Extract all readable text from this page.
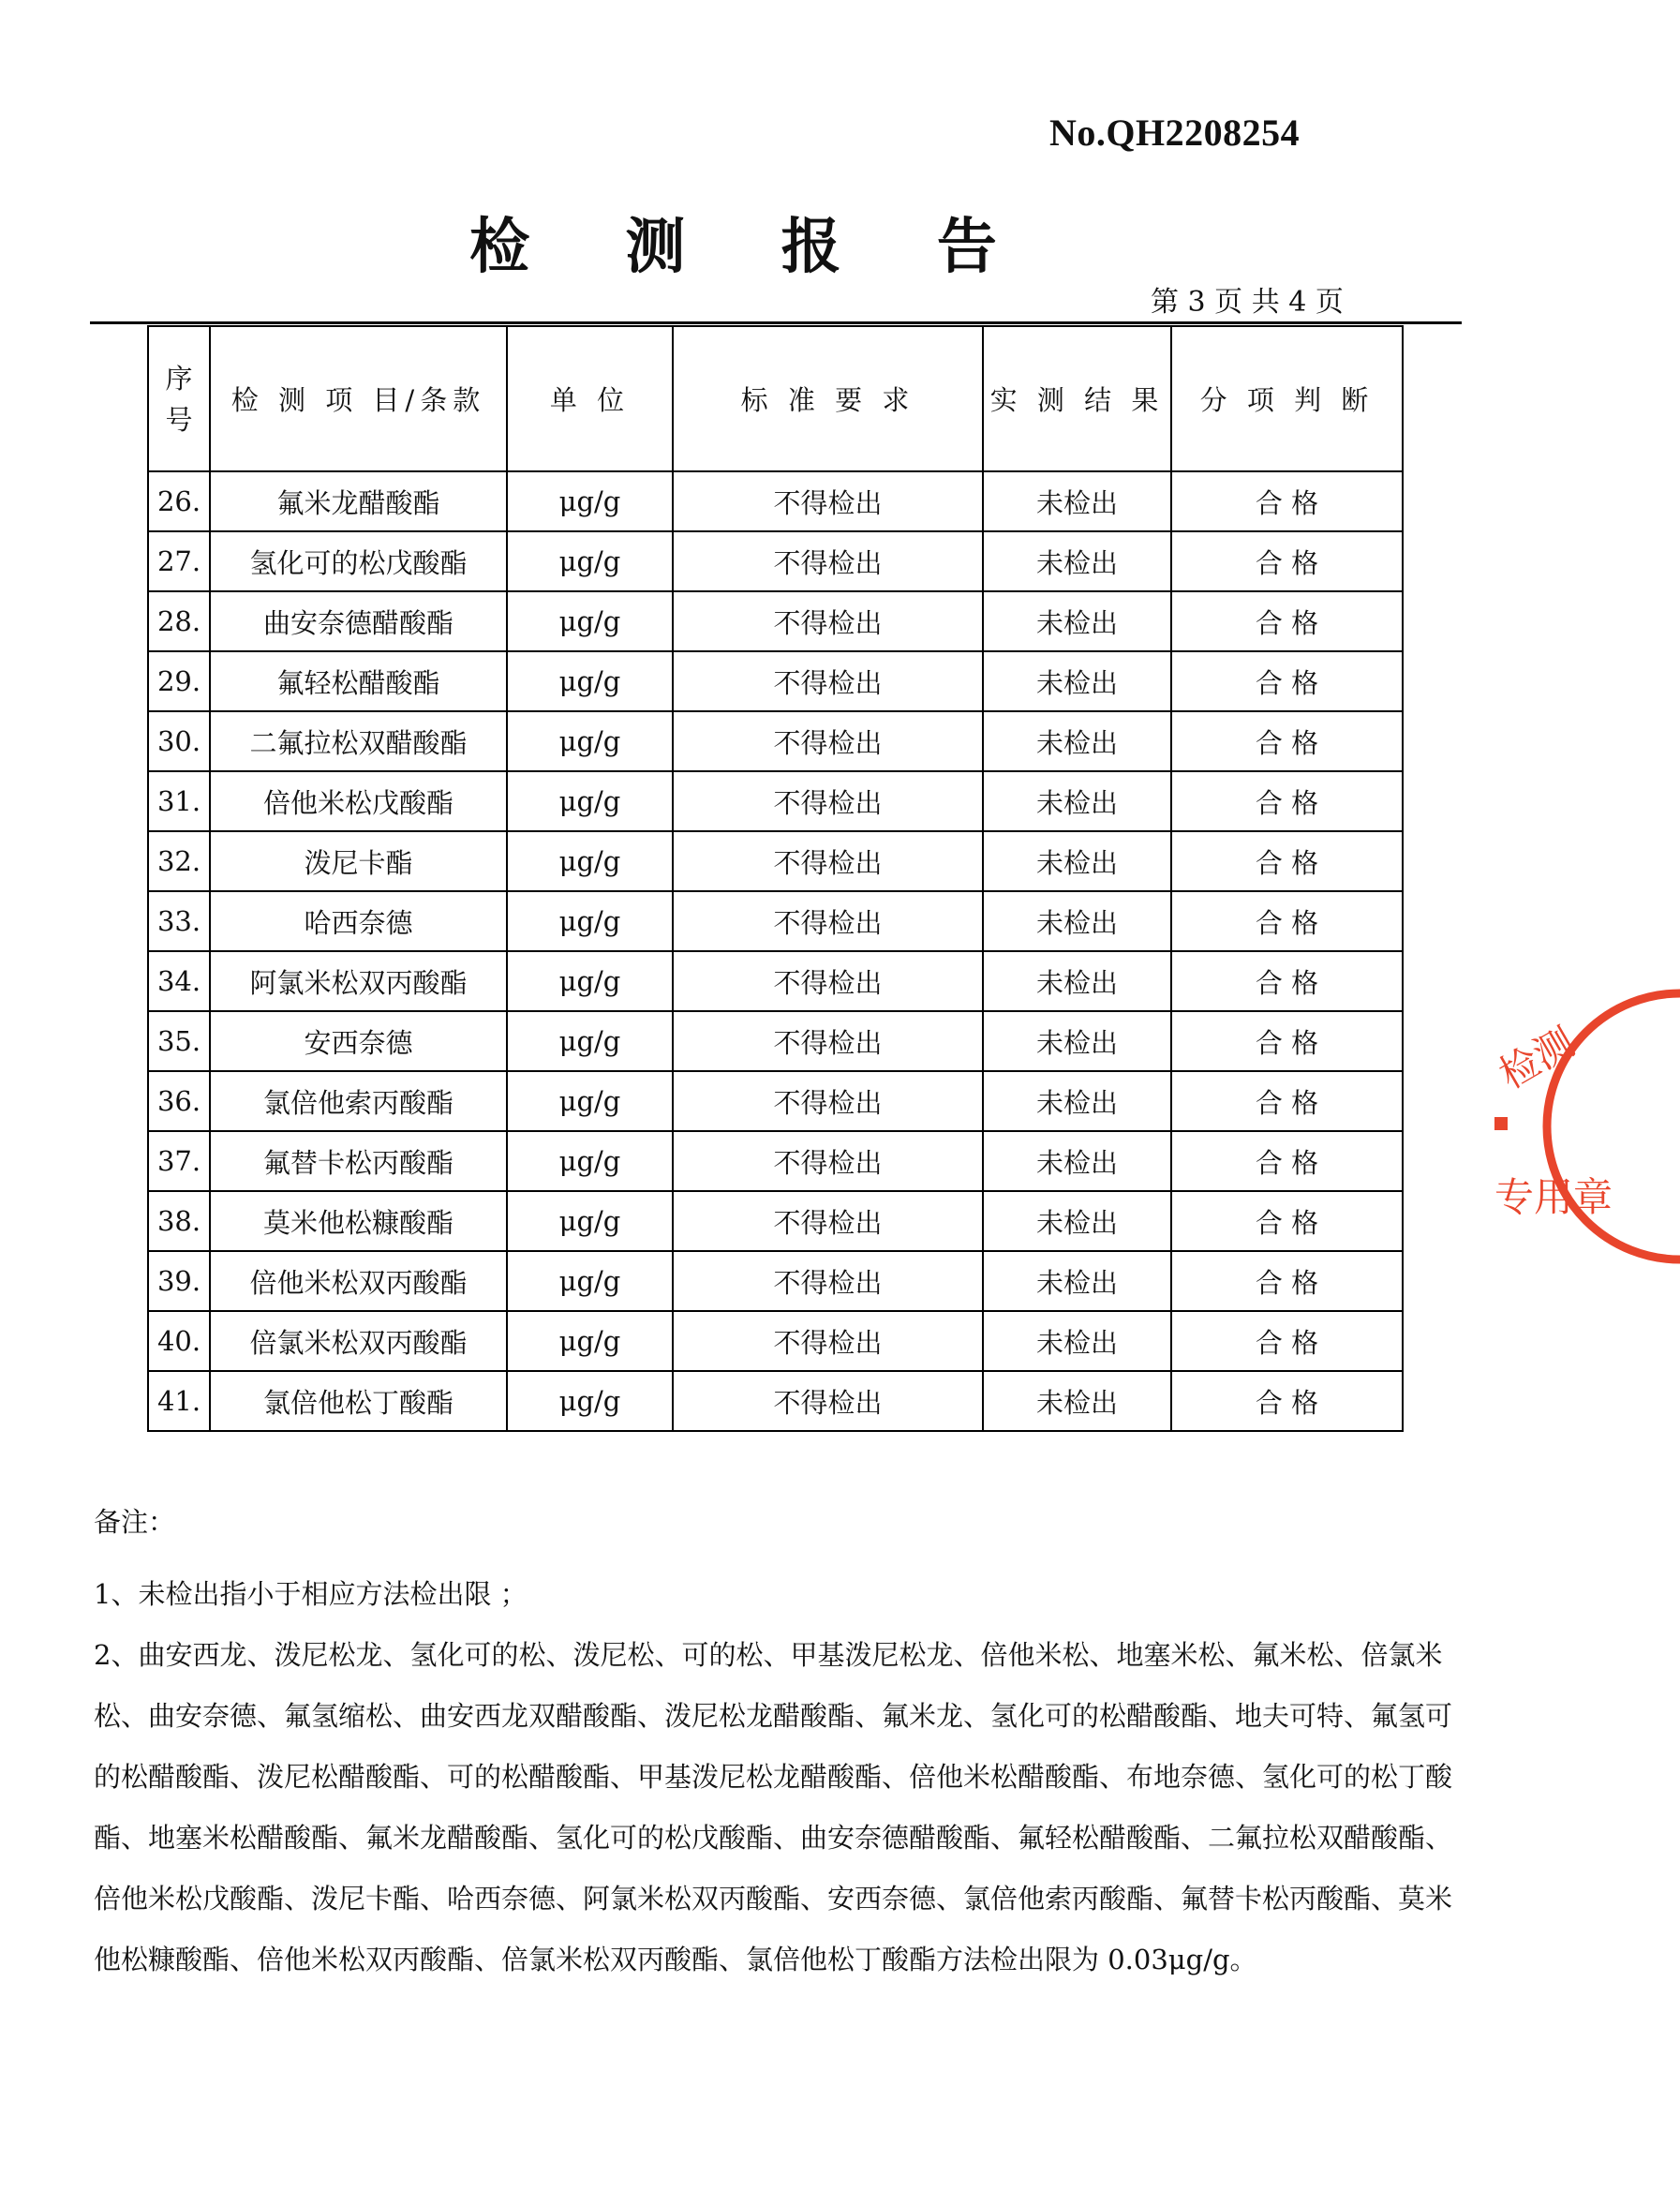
No.QH2208254
检 测 报 告
第 3 页 共 4 页
序
号	检 测 项 目/条款	单 位	标 准 要 求	实 测 结 果	分 项 判 断
26.	氟米龙醋酸酯	μg/g	不得检出	未检出	合 格
27.	氢化可的松戊酸酯	μg/g	不得检出	未检出	合 格
28.	曲安奈德醋酸酯	μg/g	不得检出	未检出	合 格
29.	氟轻松醋酸酯	μg/g	不得检出	未检出	合 格
30.	二氟拉松双醋酸酯	μg/g	不得检出	未检出	合 格
31.	倍他米松戊酸酯	μg/g	不得检出	未检出	合 格
32.	泼尼卡酯	μg/g	不得检出	未检出	合 格
33.	哈西奈德	μg/g	不得检出	未检出	合 格
34.	阿氯米松双丙酸酯	μg/g	不得检出	未检出	合 格
35.	安西奈德	μg/g	不得检出	未检出	合 格
36.	氯倍他索丙酸酯	μg/g	不得检出	未检出	合 格
37.	氟替卡松丙酸酯	μg/g	不得检出	未检出	合 格
38.	莫米他松糠酸酯	μg/g	不得检出	未检出	合 格
39.	倍他米松双丙酸酯	μg/g	不得检出	未检出	合 格
40.	倍氯米松双丙酸酯	μg/g	不得检出	未检出	合 格
41.	氯倍他松丁酸酯	μg/g	不得检出	未检出	合 格
检测
专用章

备注：

1、未检出指小于相应方法检出限 ；

2、曲安西龙、泼尼松龙、氢化可的松、泼尼松、可的松、甲基泼尼松龙、倍他米松、地塞米松、氟米松、倍氯米松、曲安奈德、氟氢缩松、曲安西龙双醋酸酯、泼尼松龙醋酸酯、氟米龙、氢化可的松醋酸酯、地夫可特、氟氢可的松醋酸酯、泼尼松醋酸酯、可的松醋酸酯、甲基泼尼松龙醋酸酯、倍他米松醋酸酯、布地奈德、氢化可的松丁酸酯、地塞米松醋酸酯、氟米龙醋酸酯、氢化可的松戊酸酯、曲安奈德醋酸酯、氟轻松醋酸酯、二氟拉松双醋酸酯、倍他米松戊酸酯、泼尼卡酯、哈西奈德、阿氯米松双丙酸酯、安西奈德、氯倍他索丙酸酯、氟替卡松丙酸酯、莫米他松糠酸酯、倍他米松双丙酸酯、倍氯米松双丙酸酯、氯倍他松丁酸酯方法检出限为 0.03μg/g。
